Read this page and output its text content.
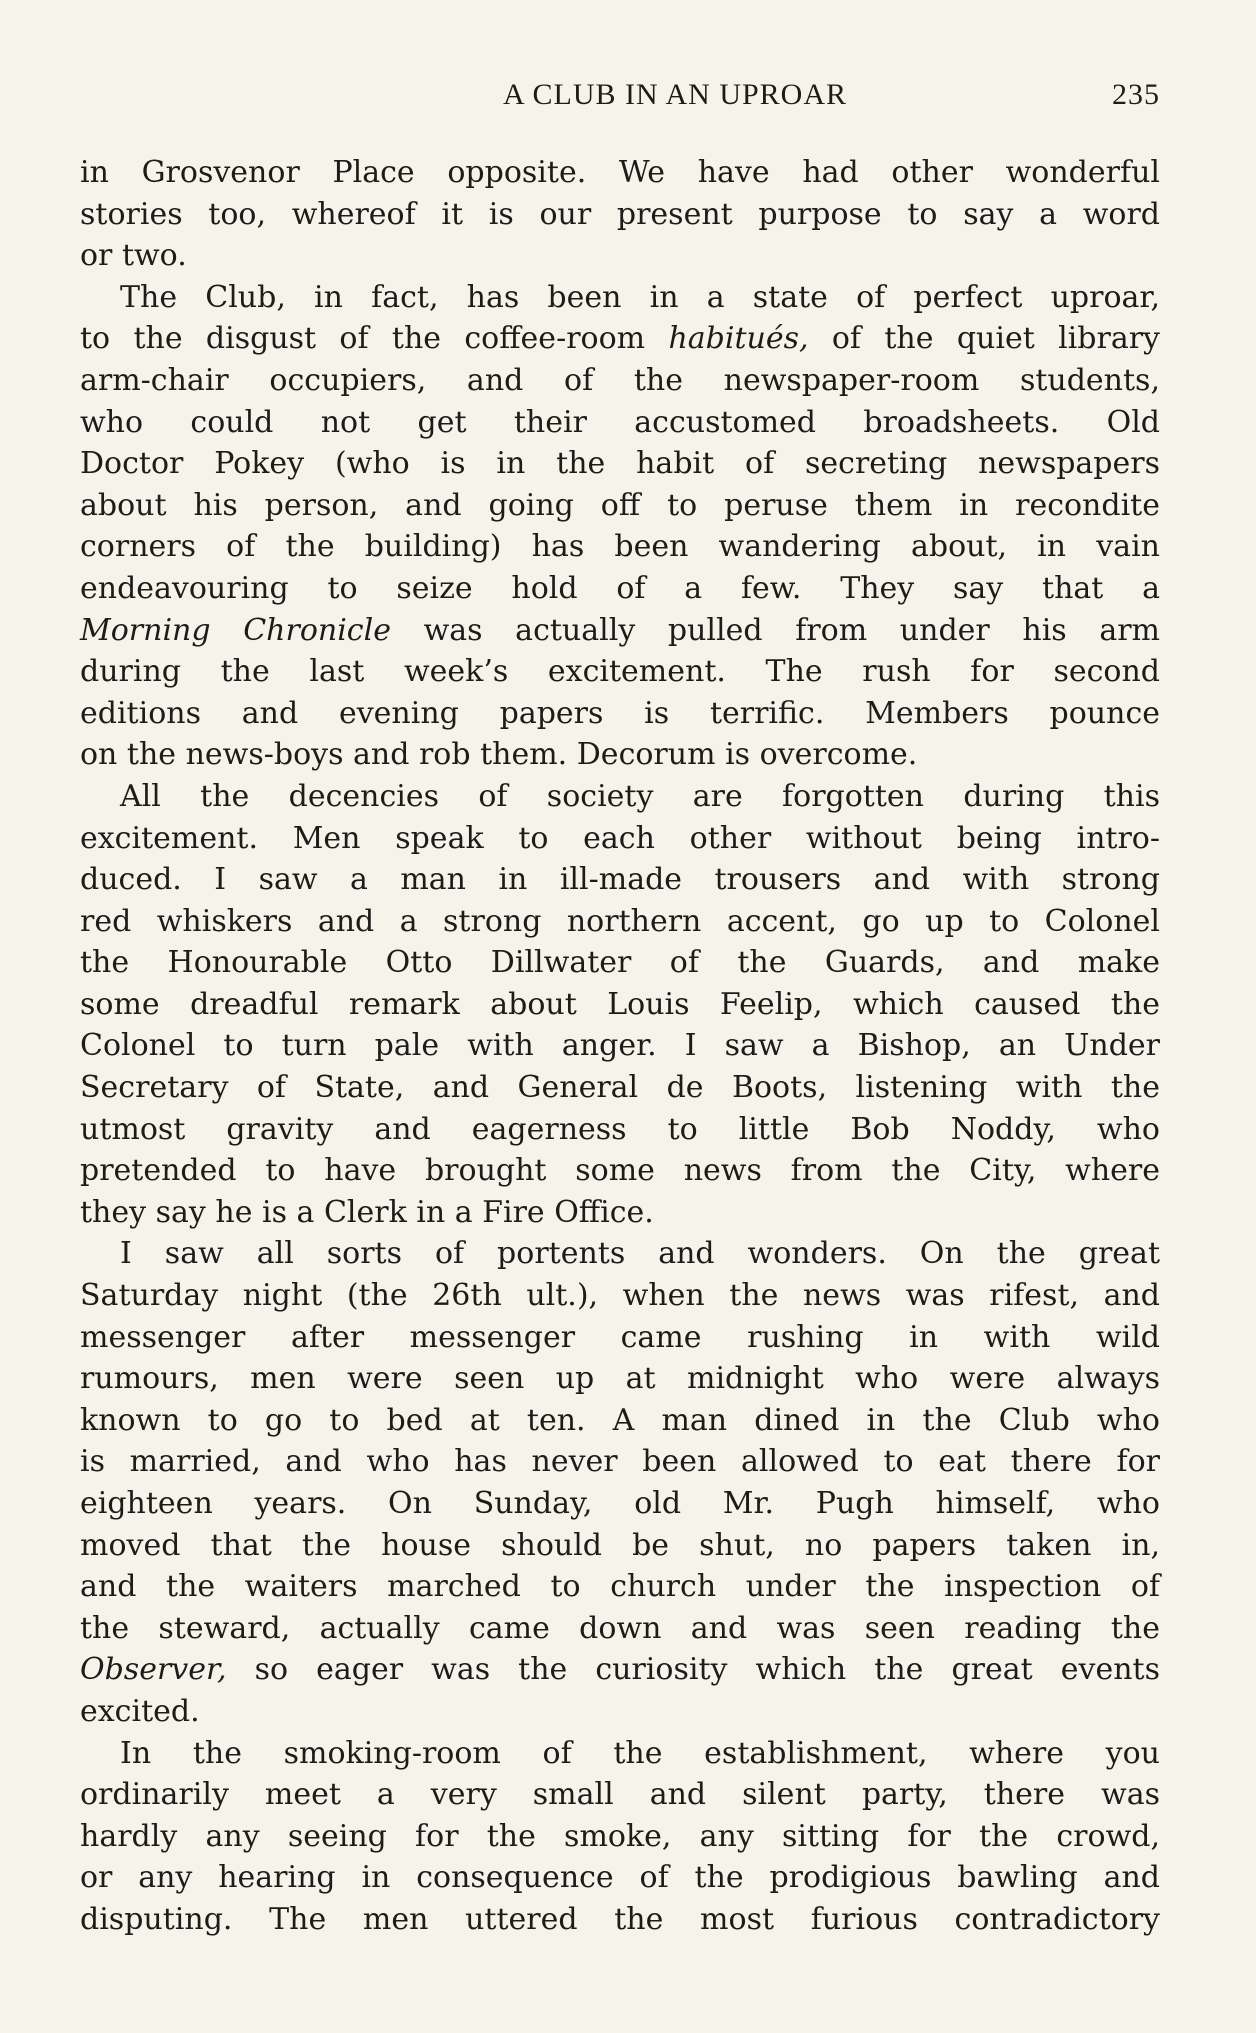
A CLUB IN AN UPROAR	235
in Grosvenor Place opposite. We have had other wonderful
stories too, whereof it is our present purpose to say a word
or two.
The Club, in fact, has been in a state of perfect uproar,
to the disgust of the coffee-room habitués, of the quiet library
arm-chair occupiers, and of the newspaper-room students,
who could not get their accustomed broadsheets. Old
Doctor Pokey (who is in the habit of secreting newspapers
about his person, and going off to peruse them in recondite
corners of the building) has been wandering about, in vain
endeavouring to seize hold of a few. They say that a
Morning Chronicle was actually pulled from under his arm
during the last week’s excitement. The rush for second
editions and evening papers is terrific. Members pounce
on the news-boys and rob them. Decorum is overcome.
All the decencies of society are forgotten during this
excitement. Men speak to each other without being intro-
duced. I saw a man in ill-made trousers and with strong
red whiskers and a strong northern accent, go up to Colonel
the Honourable Otto Dillwater of the Guards, and make
some dreadful remark about Louis Feelip, which caused the
Colonel to turn pale with anger. I saw a Bishop, an Under
Secretary of State, and General de Boots, listening with the
utmost gravity and eagerness to little Bob Noddy, who
pretended to have brought some news from the City, where
they say he is a Clerk in a Fire Office.
I saw all sorts of portents and wonders. On the great
Saturday night (the 26th ult.), when the news was rifest, and
messenger after messenger came rushing in with wild
rumours, men were seen up at midnight who were always
known to go to bed at ten. A man dined in the Club who
is married, and who has never been allowed to eat there for
eighteen years. On Sunday, old Mr. Pugh himself, who
moved that the house should be shut, no papers taken in,
and the waiters marched to church under the inspection of
the steward, actually came down and was seen reading the
Observer, so eager was the curiosity which the great events
excited.
In the smoking-room of the establishment, where you
ordinarily meet a very small and silent party, there was
hardly any seeing for the smoke, any sitting for the crowd,
or any hearing in consequence of the prodigious bawling and
disputing. The men uttered the most furious contradictory
